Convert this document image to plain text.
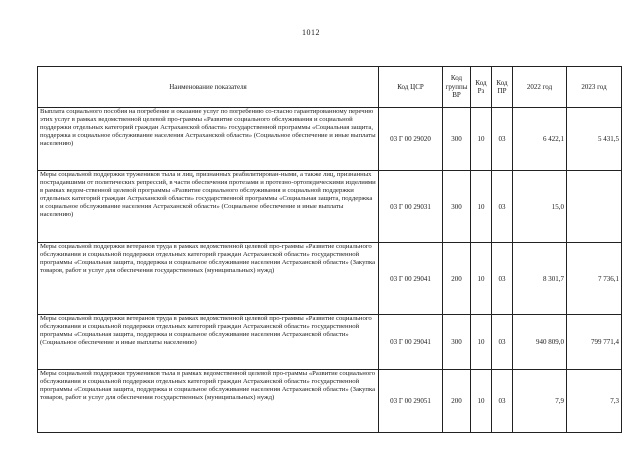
1012
Наименование показателя	Код ЦСР	Код группы ВР	Код Рз	Код ПР	2022 год	2023 год
Выплата социального пособия на погребение и оказание услуг по погребению со-гласно гарантированному перечню этих услуг в рамках ведомственной целевой про-граммы «Развитие социального обслуживания и социальной поддержки отдельных категорий граждан Астраханской области» государственной программы «Социальная защита, поддержка и социальное обслуживание населения Астраханской области» (Социальное обеспечение и иные выплаты населению)	03 Г 00 29020	300	10	03	6 422,1	5 431,5
Меры социальной поддержки тружеников тыла и лиц, признанных реабилитирован-ными, а также лиц, признанных пострадавшими от политических репрессий, в части обеспечения протезами и протезно-ортопедическими изделиями в рамках ведом-ственной целевой программы «Развитие социального обслуживания и социальной поддержки отдельных категорий граждан Астраханской области» государственной программы «Социальная защита, поддержка и социальное обслуживание населения Астраханской области» (Социальное обеспечение и иные выплаты населению)	03 Г 00 29031	300	10	03	15,0	
Меры социальной поддержки ветеранов труда в рамках ведомственной целевой про-граммы «Развитие социального обслуживания и социальной поддержки отдельных категорий граждан Астраханской области» государственной программы «Социальная защита, поддержка и социальное обслуживание населения Астраханской области» (Закупка товаров, работ и услуг для обеспечения государственных (муниципальных) нужд)	03 Г 00 29041	200	10	03	8 301,7	7 736,1
Меры социальной поддержки ветеранов труда в рамках ведомственной целевой про-граммы «Развитие социального обслуживания и социальной поддержки отдельных категорий граждан Астраханской области» государственной программы «Социальная защита, поддержка и социальное обслуживание населения Астраханской области» (Социальное обеспечение и иные выплаты населению)	03 Г 00 29041	300	10	03	940 809,0	799 771,4
Меры социальной поддержки тружеников тыла в рамках ведомственной целевой про-граммы «Развитие социального обслуживания и социальной поддержки отдельных категорий граждан Астраханской области» государственной программы «Социальная защита, поддержка и социальное обслуживание населения Астраханской области» (Закупка товаров, работ и услуг для обеспечения государственных (муниципальных) нужд)	03 Г 00 29051	200	10	03	7,9	7,3
